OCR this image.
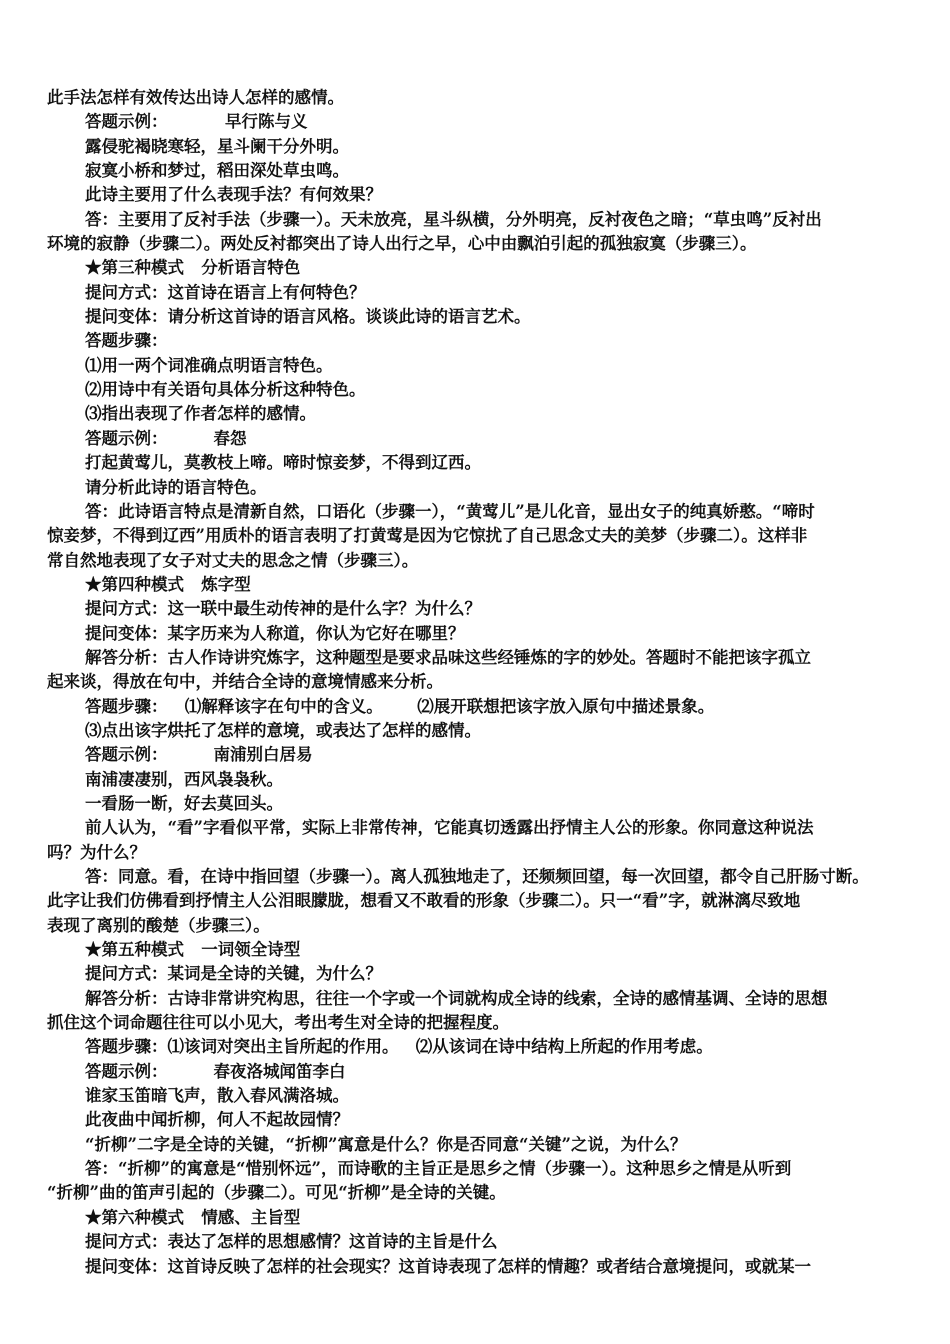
此手法怎样有效传达出诗人怎样的感情。
答题示例：          早行陈与义
露侵驼褐晓寒轻，星斗阑干分外明。
寂寞小桥和梦过，稻田深处草虫鸣。
此诗主要用了什么表现手法？有何效果？
答：主要用了反衬手法（步骤一）。天未放亮，星斗纵横，分外明亮，反衬夜色之暗；“草虫鸣”反衬出
环境的寂静（步骤二）。两处反衬都突出了诗人出行之早，心中由飘泊引起的孤独寂寞（步骤三）。
★第三种模式   分析语言特色
提问方式：这首诗在语言上有何特色？
提问变体：请分析这首诗的语言风格。谈谈此诗的语言艺术。
答题步骤：
⑴用一两个词准确点明语言特色。
⑵用诗中有关语句具体分析这种特色。
⑶指出表现了作者怎样的感情。
答题示例：        春怨
打起黄莺儿，莫教枝上啼。啼时惊妾梦，不得到辽西。
请分析此诗的语言特色。
答：此诗语言特点是清新自然，口语化（步骤一），“黄莺儿”是儿化音，显出女子的纯真娇憨。“啼时
惊妾梦，不得到辽西”用质朴的语言表明了打黄莺是因为它惊扰了自己思念丈夫的美梦（步骤二）。这样非
常自然地表现了女子对丈夫的思念之情（步骤三）。
★第四种模式   炼字型
提问方式：这一联中最生动传神的是什么字？为什么？
提问变体：某字历来为人称道，你认为它好在哪里？
解答分析：古人作诗讲究炼字，这种题型是要求品味这些经锤炼的字的妙处。答题时不能把该字孤立
起来谈，得放在句中，并结合全诗的意境情感来分析。
答题步骤：   ⑴解释该字在句中的含义。      ⑵展开联想把该字放入原句中描述景象。
⑶点出该字烘托了怎样的意境，或表达了怎样的感情。
答题示例：        南浦别白居易
南浦凄凄别，西风袅袅秋。
一看肠一断，好去莫回头。
前人认为，“看”字看似平常，实际上非常传神，它能真切透露出抒情主人公的形象。你同意这种说法
吗？为什么？
答：同意。看，在诗中指回望（步骤一）。离人孤独地走了，还频频回望，每一次回望，都令自己肝肠寸断。
此字让我们仿佛看到抒情主人公泪眼朦胧，想看又不敢看的形象（步骤二）。只一“看”字，就淋漓尽致地
表现了离别的酸楚（步骤三）。
★第五种模式   一词领全诗型
提问方式：某词是全诗的关键，为什么？
解答分析：古诗非常讲究构思，往往一个字或一个词就构成全诗的线索，全诗的感情基调、全诗的思想
抓住这个词命题往往可以小见大，考出考生对全诗的把握程度。
答题步骤：⑴该词对突出主旨所起的作用。   ⑵从该词在诗中结构上所起的作用考虑。
答题示例：        春夜洛城闻笛李白
谁家玉笛暗飞声，散入春风满洛城。
此夜曲中闻折柳，何人不起故园情？
“折柳”二字是全诗的关键，“折柳”寓意是什么？你是否同意“关键”之说，为什么？
答：“折柳”的寓意是“惜别怀远”，而诗歌的主旨正是思乡之情（步骤一）。这种思乡之情是从听到
“折柳”曲的笛声引起的（步骤二）。可见“折柳”是全诗的关键。
★第六种模式   情感、主旨型
提问方式：表达了怎样的思想感情？这首诗的主旨是什么
提问变体：这首诗反映了怎样的社会现实？这首诗表现了怎样的情趣？或者结合意境提问，或就某一
